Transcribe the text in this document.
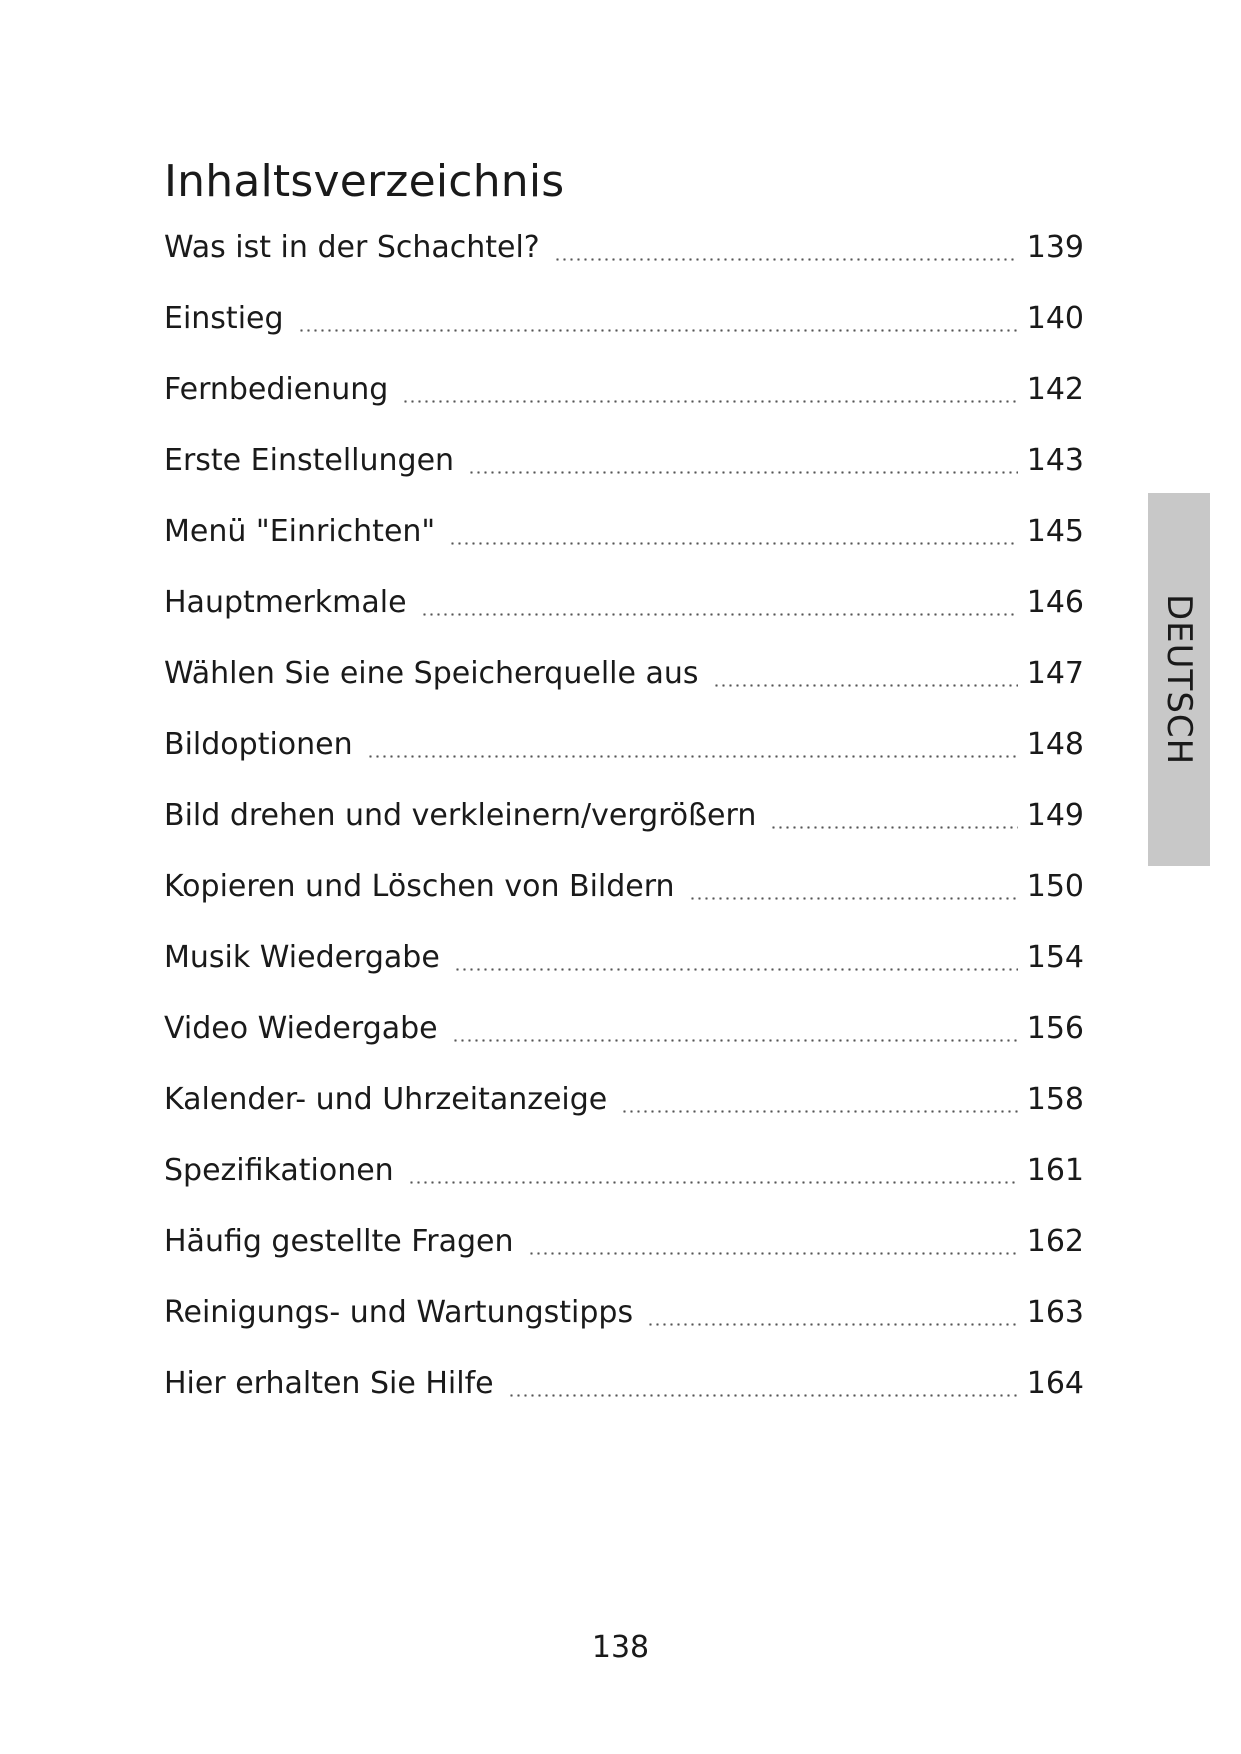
Inhaltsverzeichnis
Was ist in der Schachtel?	139
Einstieg	140
Fernbedienung	142
Erste Einstellungen	143
Menü "Einrichten"	145
Hauptmerkmale	146
Wählen Sie eine Speicherquelle aus	147
Bildoptionen	148
Bild drehen und verkleinern/vergrößern	149
Kopieren und Löschen von Bildern	150
Musik Wiedergabe	154
Video Wiedergabe	156
Kalender- und Uhrzeitanzeige	158
Spezifikationen	161
Häufig gestellte Fragen	162
Reinigungs- und Wartungstipps	163
Hier erhalten Sie Hilfe	164
DEUTSCH
138
